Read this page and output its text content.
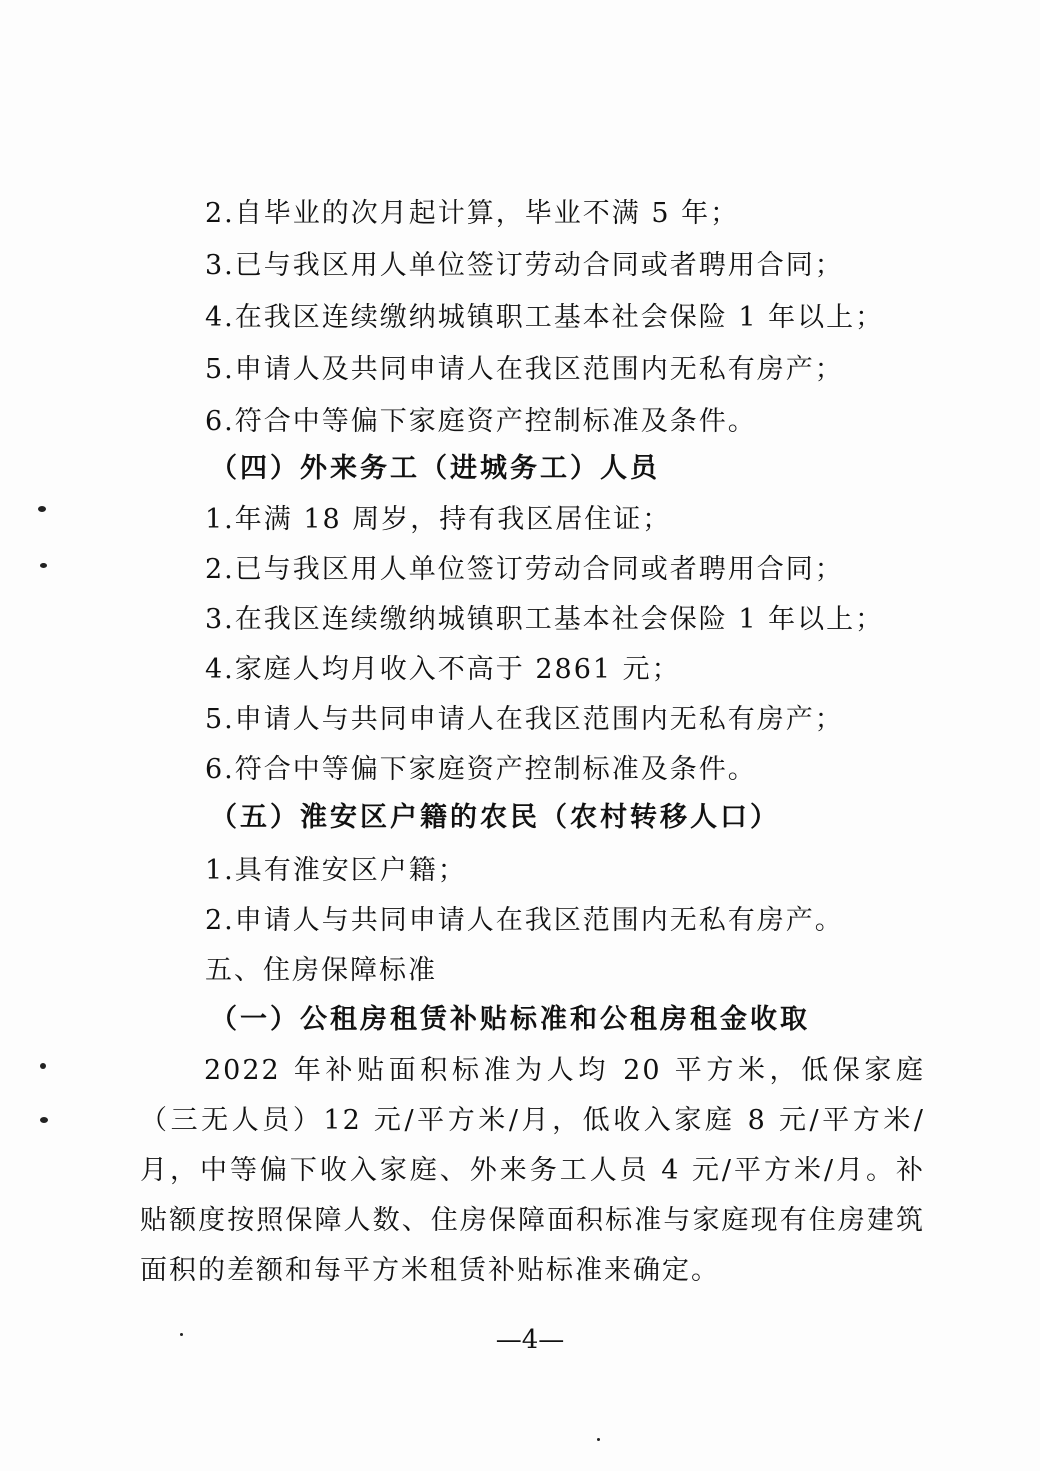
2.自毕业的次月起计算，毕业不满 5 年；
3.已与我区用人单位签订劳动合同或者聘用合同；
4.在我区连续缴纳城镇职工基本社会保险 1 年以上；
5.申请人及共同申请人在我区范围内无私有房产；
6.符合中等偏下家庭资产控制标准及条件。
（四）外来务工（进城务工）人员
1.年满 18 周岁，持有我区居住证；
2.已与我区用人单位签订劳动合同或者聘用合同；
3.在我区连续缴纳城镇职工基本社会保险 1 年以上；
4.家庭人均月收入不高于 2861 元；
5.申请人与共同申请人在我区范围内无私有房产；
6.符合中等偏下家庭资产控制标准及条件。
（五）淮安区户籍的农民（农村转移人口）
1.具有淮安区户籍；
2.申请人与共同申请人在我区范围内无私有房产。
五、住房保障标准
（一）公租房租赁补贴标准和公租房租金收取
2022 年补贴面积标准为人均 20 平方米，低保家庭（三无人员）12 元/平方米/月，低收入家庭 8 元/平方米/月，中等偏下收入家庭、外来务工人员 4 元/平方米/月。补贴额度按照保障人数、住房保障面积标准与家庭现有住房建筑面积的差额和每平方米租赁补贴标准来确定。
—4—
